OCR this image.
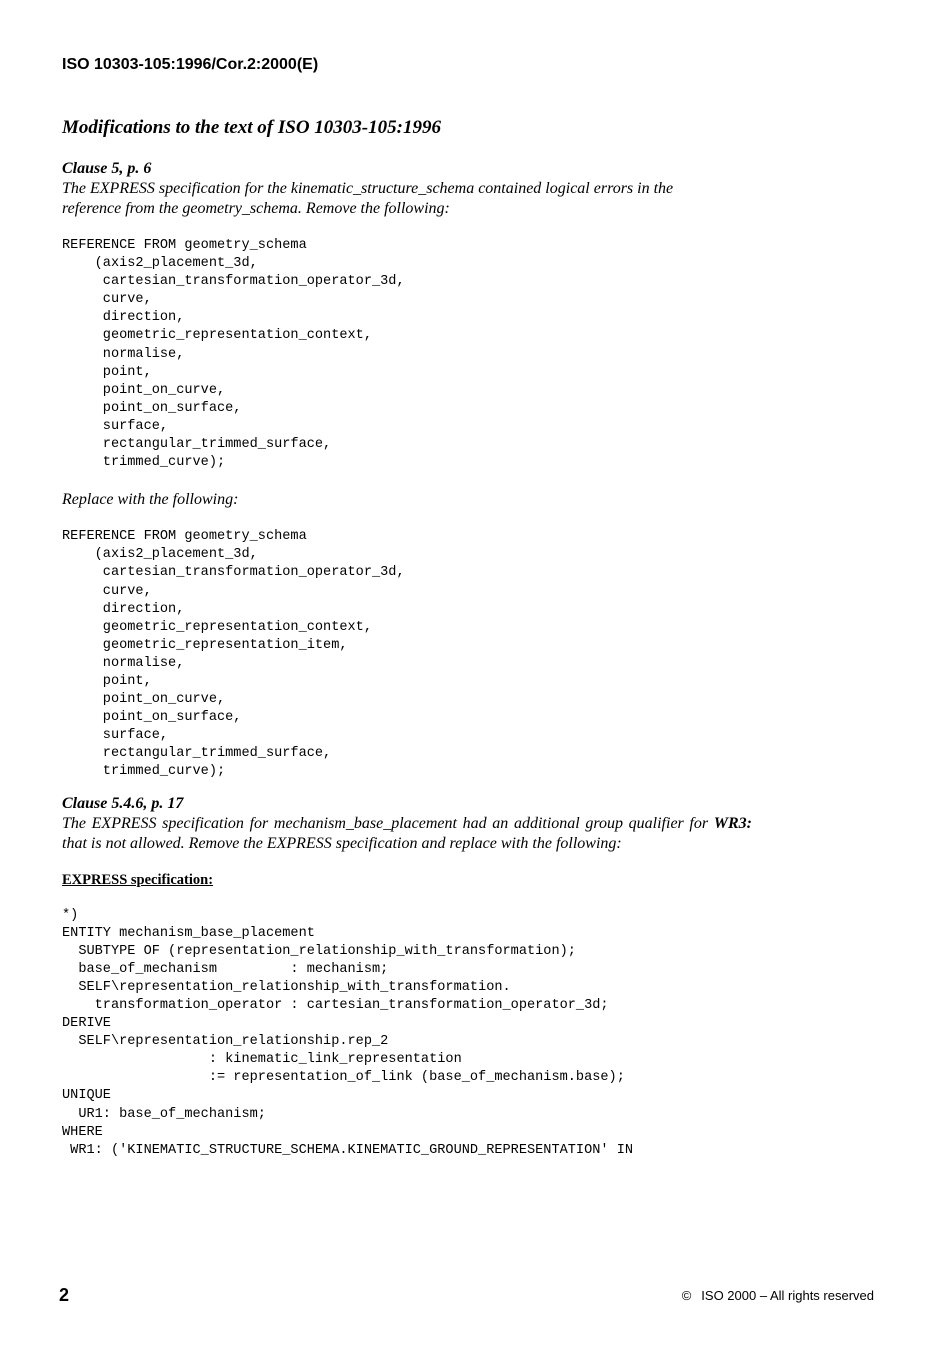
ISO 10303-105:1996/Cor.2:2000(E)
Modifications to the text of ISO 10303-105:1996
Clause 5, p. 6
The EXPRESS specification for the kinematic_structure_schema contained logical errors in the
reference from the geometry_schema. Remove the following:
REFERENCE FROM geometry_schema
(axis2_placement_3d,
cartesian_transformation_operator_3d,
curve,
direction,
geometric_representation_context,
normalise,
point,
point_on_curve,
point_on_surface,
surface,
rectangular_trimmed_surface,
trimmed_curve);
Replace with the following:
REFERENCE FROM geometry_schema
(axis2_placement_3d,
cartesian_transformation_operator_3d,
curve,
direction,
geometric_representation_context,
geometric_representation_item,
normalise,
point,
point_on_curve,
point_on_surface,
surface,
rectangular_trimmed_surface,
trimmed_curve);
Clause 5.4.6, p. 17
The EXPRESS specification for mechanism_base_placement had an additional group qualifier for WR3: that is not allowed. Remove the EXPRESS specification and replace with the following:
EXPRESS specification:
*)
ENTITY mechanism_base_placement
SUBTYPE OF (representation_relationship_with_transformation);
base_of_mechanism         : mechanism;
SELF\representation_relationship_with_transformation.
transformation_operator : cartesian_transformation_operator_3d;
DERIVE
SELF\representation_relationship.rep_2
: kinematic_link_representation
:= representation_of_link (base_of_mechanism.base);
UNIQUE
UR1: base_of_mechanism;
WHERE
WR1: ('KINEMATIC_STRUCTURE_SCHEMA.KINEMATIC_GROUND_REPRESENTATION' IN
2	© ISO 2000 – All rights reserved
